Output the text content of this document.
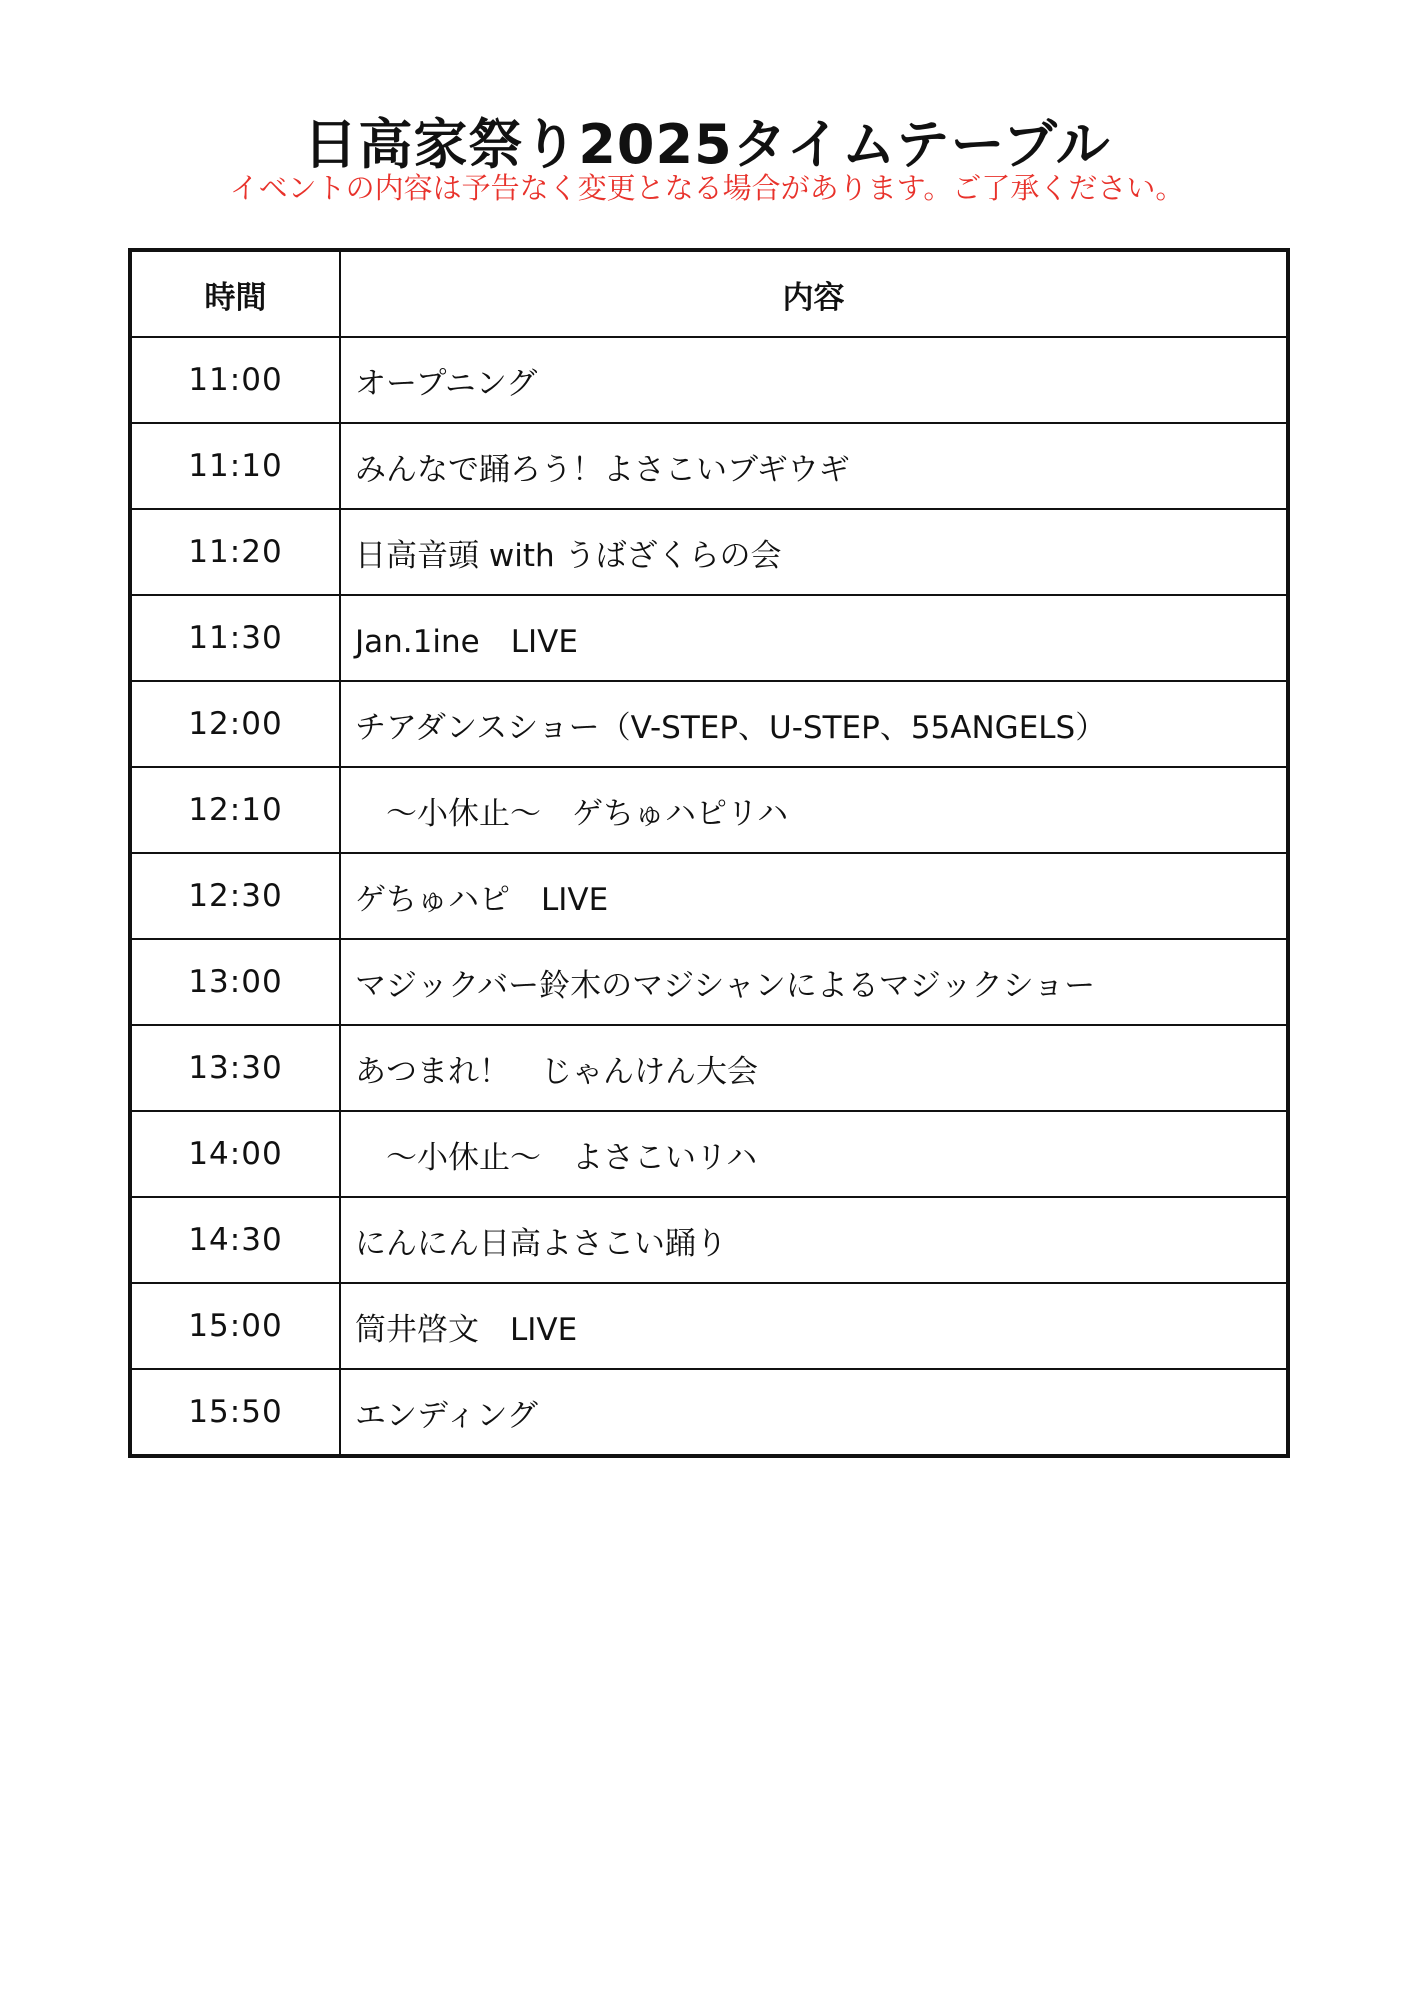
日高家祭り2025タイムテーブル
イベントの内容は予告なく変更となる場合があります。ご了承ください。
時間	内容
11:00	オープニング
11:10	みんなで踊ろう！よさこいブギウギ
11:20	日高音頭 with うばざくらの会
11:30	Jan.1ine　LIVE
12:00	チアダンスショー（V-STEP、U-STEP、55ANGELS）
12:10	　～小休止～　ゲちゅハピリハ
12:30	ゲちゅハピ　LIVE
13:00	マジックバー鈴木のマジシャンによるマジックショー
13:30	あつまれ！　じゃんけん大会
14:00	　～小休止～　よさこいリハ
14:30	にんにん日高よさこい踊り
15:00	筒井啓文　LIVE
15:50	エンディング
